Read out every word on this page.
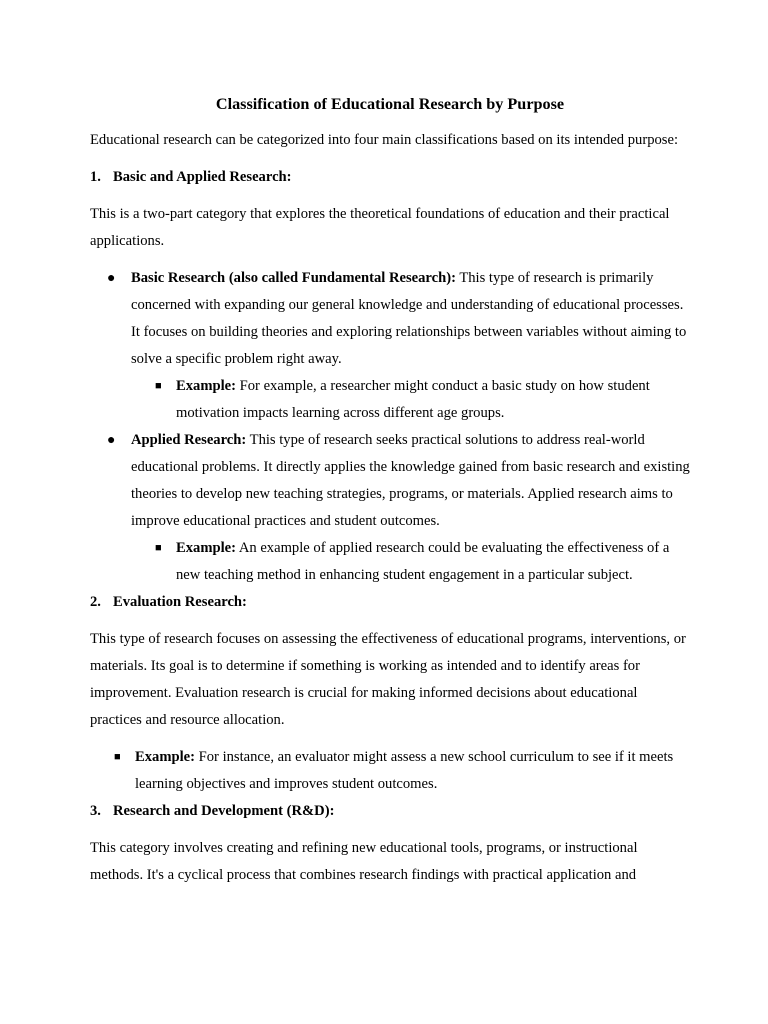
Classification of Educational Research by Purpose

Educational research can be categorized into four main classifications based on its intended purpose:

1. Basic and Applied Research:

This is a two-part category that explores the theoretical foundations of education and their practical applications.

● Basic Research (also called Fundamental Research): This type of research is primarily concerned with expanding our general knowledge and understanding of educational processes. It focuses on building theories and exploring relationships between variables without aiming to solve a specific problem right away.
■ Example: For example, a researcher might conduct a basic study on how student motivation impacts learning across different age groups.
● Applied Research: This type of research seeks practical solutions to address real-world educational problems. It directly applies the knowledge gained from basic research and existing theories to develop new teaching strategies, programs, or materials. Applied research aims to improve educational practices and student outcomes.
■ Example: An example of applied research could be evaluating the effectiveness of a new teaching method in enhancing student engagement in a particular subject.
2. Evaluation Research:

This type of research focuses on assessing the effectiveness of educational programs, interventions, or materials. Its goal is to determine if something is working as intended and to identify areas for improvement. Evaluation research is crucial for making informed decisions about educational practices and resource allocation.

■ Example: For instance, an evaluator might assess a new school curriculum to see if it meets learning objectives and improves student outcomes.
3. Research and Development (R&D):

This category involves creating and refining new educational tools, programs, or instructional methods. It's a cyclical process that combines research findings with practical application and
